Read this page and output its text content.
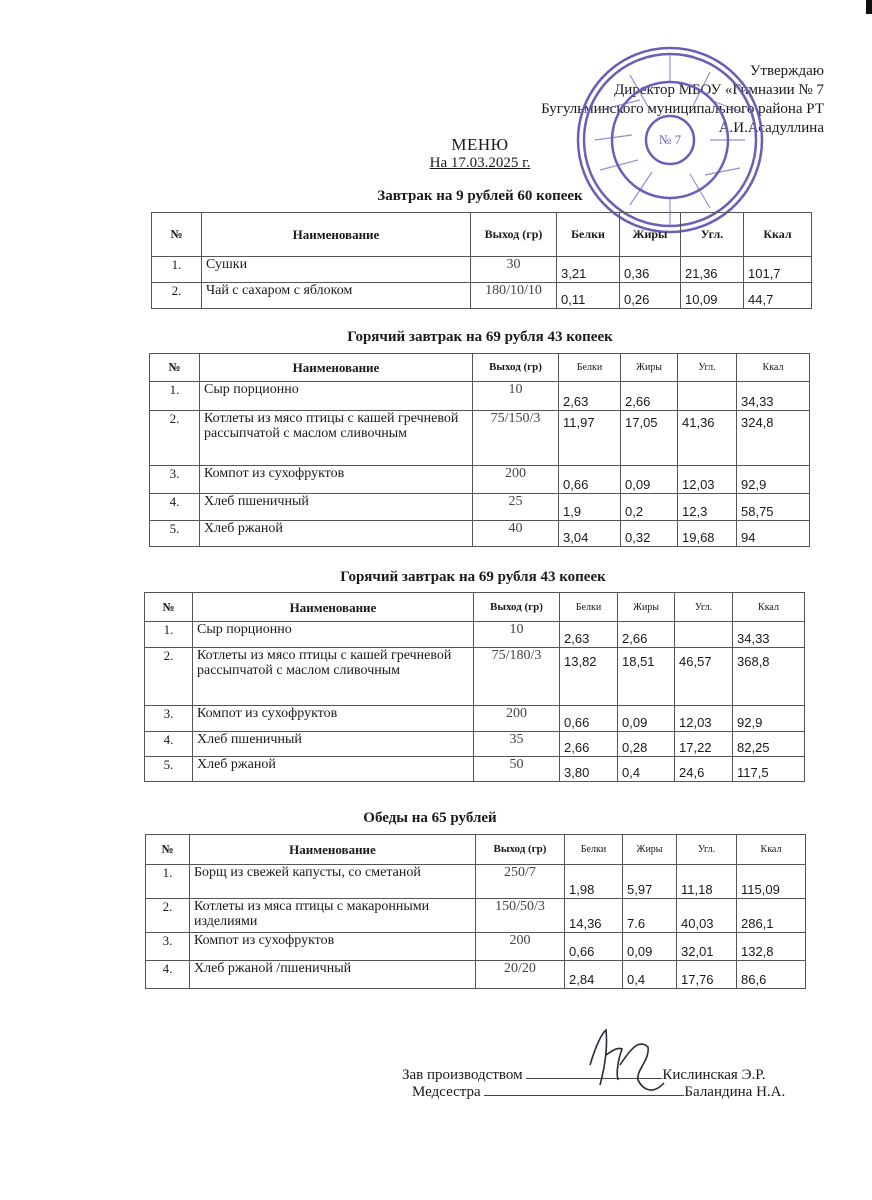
Утверждаю
Директор МБОУ «Гимназии № 7
Бугульминского муниципального района РТ
А.И.Асадуллина
№ 7
МЕНЮ
На 17.03.2025 г.
Завтрак на 9 рублей 60 копеек
№	Наименование	Выход (гр)	Белки	Жиры	Угл.	Ккал
1.	Сушки	30	3,21	0,36	21,36	101,7
2.	Чай с сахаром с яблоком	180/10/10	0,11	0,26	10,09	44,7
Горячий завтрак на 69 рубля 43 копеек
№	Наименование	Выход (гр)	Белки	Жиры	Угл.	Ккал
1.	Сыр порционно	10	2,63	2,66		34,33
2.	Котлеты из мясо птицы с кашей гречневой рассыпчатой с маслом сливочным	75/150/3	11,97	17,05	41,36	324,8
3.	Компот из сухофруктов	200	0,66	0,09	12,03	92,9
4.	Хлеб пшеничный	25	1,9	0,2	12,3	58,75
5.	Хлеб ржаной	40	3,04	0,32	19,68	94
Горячий завтрак на 69 рубля 43 копеек
№	Наименование	Выход (гр)	Белки	Жиры	Угл.	Ккал
1.	Сыр порционно	10	2,63	2,66		34,33
2.	Котлеты из мясо птицы с кашей гречневой рассыпчатой с маслом сливочным	75/180/3	13,82	18,51	46,57	368,8
3.	Компот из сухофруктов	200	0,66	0,09	12,03	92,9
4.	Хлеб пшеничный	35	2,66	0,28	17,22	82,25
5.	Хлеб ржаной	50	3,80	0,4	24,6	117,5
Обеды на 65 рублей
№	Наименование	Выход (гр)	Белки	Жиры	Угл.	Ккал
1.	Борщ из свежей капусты, со сметаной	250/7	1,98	5,97	11,18	115,09
2.	Котлеты из мяса птицы с макаронными изделиями	150/50/3	14,36	7.6	40,03	286,1
3.	Компот из сухофруктов	200	0,66	0,09	32,01	132,8
4.	Хлеб ржаной /пшеничный	20/20	2,84	0,4	17,76	86,6
Зав производством	Кислинская Э.Р.
Медсестра	Баландина Н.А.
